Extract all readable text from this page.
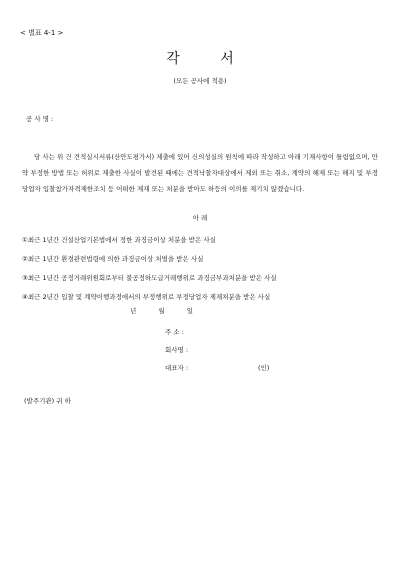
< 별표 4-1 >
각 서
(모든 공사에 적용)
공 사 명 :

당 사는 위 건 견적실시서류(산안도평가서) 제출에 있어 신의성실의 원칙에 따라 작성하고 아래 기재사항이 틀림없으며, 만약 부정한 방법 또는 허위로 제출한 사실이 발견된 때에는 견적낙찰자대상에서 제외 또는 취소, 계약의 해제 또는 해지 및 부정당업자 입찰참가자격제한조치 등 어떠한 제재 또는 처분을 받아도 하등의 이의를 제기치 않겠습니다.

아 래
①최근 1년간 건설산업기본법에서 정한 과징금이상 처분을 받은 사실
②최근 1년간 환경관련법령에 의한 과징금이상 처벌을 받은 사실
③최근 1년간 공정거래위원회로부터 불공정하도급거래행위로 과징금부과처분을 받은 사실
④최근 2년간 입찰 및 계약이행과정에서의 부정행위로 부정당업자 제재처분을 받은 사실
년 월 일
주 소 :
회사명 :
대표자 :	(인)
(발주기관) 귀 하
